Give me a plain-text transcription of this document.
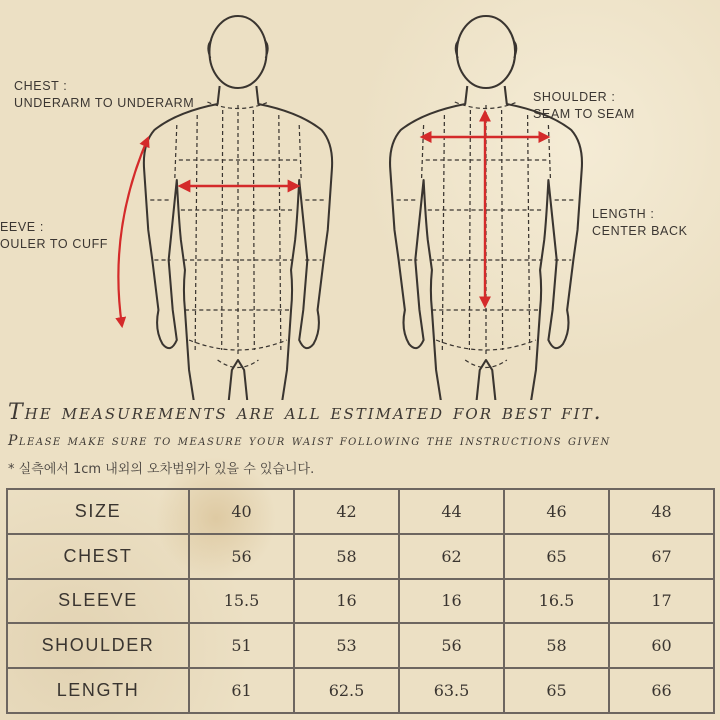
CHEST :
UNDERARM TO UNDERARM
EEVE :
OULER TO CUFF
SHOULDER :
SEAM TO SEAM
LENGTH :
CENTER BACK
The measurements are all estimated for best fit.
Please make sure to measure your waist following the instructions given
* 실측에서 1cm 내외의 오차범위가 있을 수 있습니다.
SIZE	40	42	44	46	48
CHEST	56	58	62	65	67
SLEEVE	15.5	16	16	16.5	17
SHOULDER	51	53	56	58	60
LENGTH	61	62.5	63.5	65	66
